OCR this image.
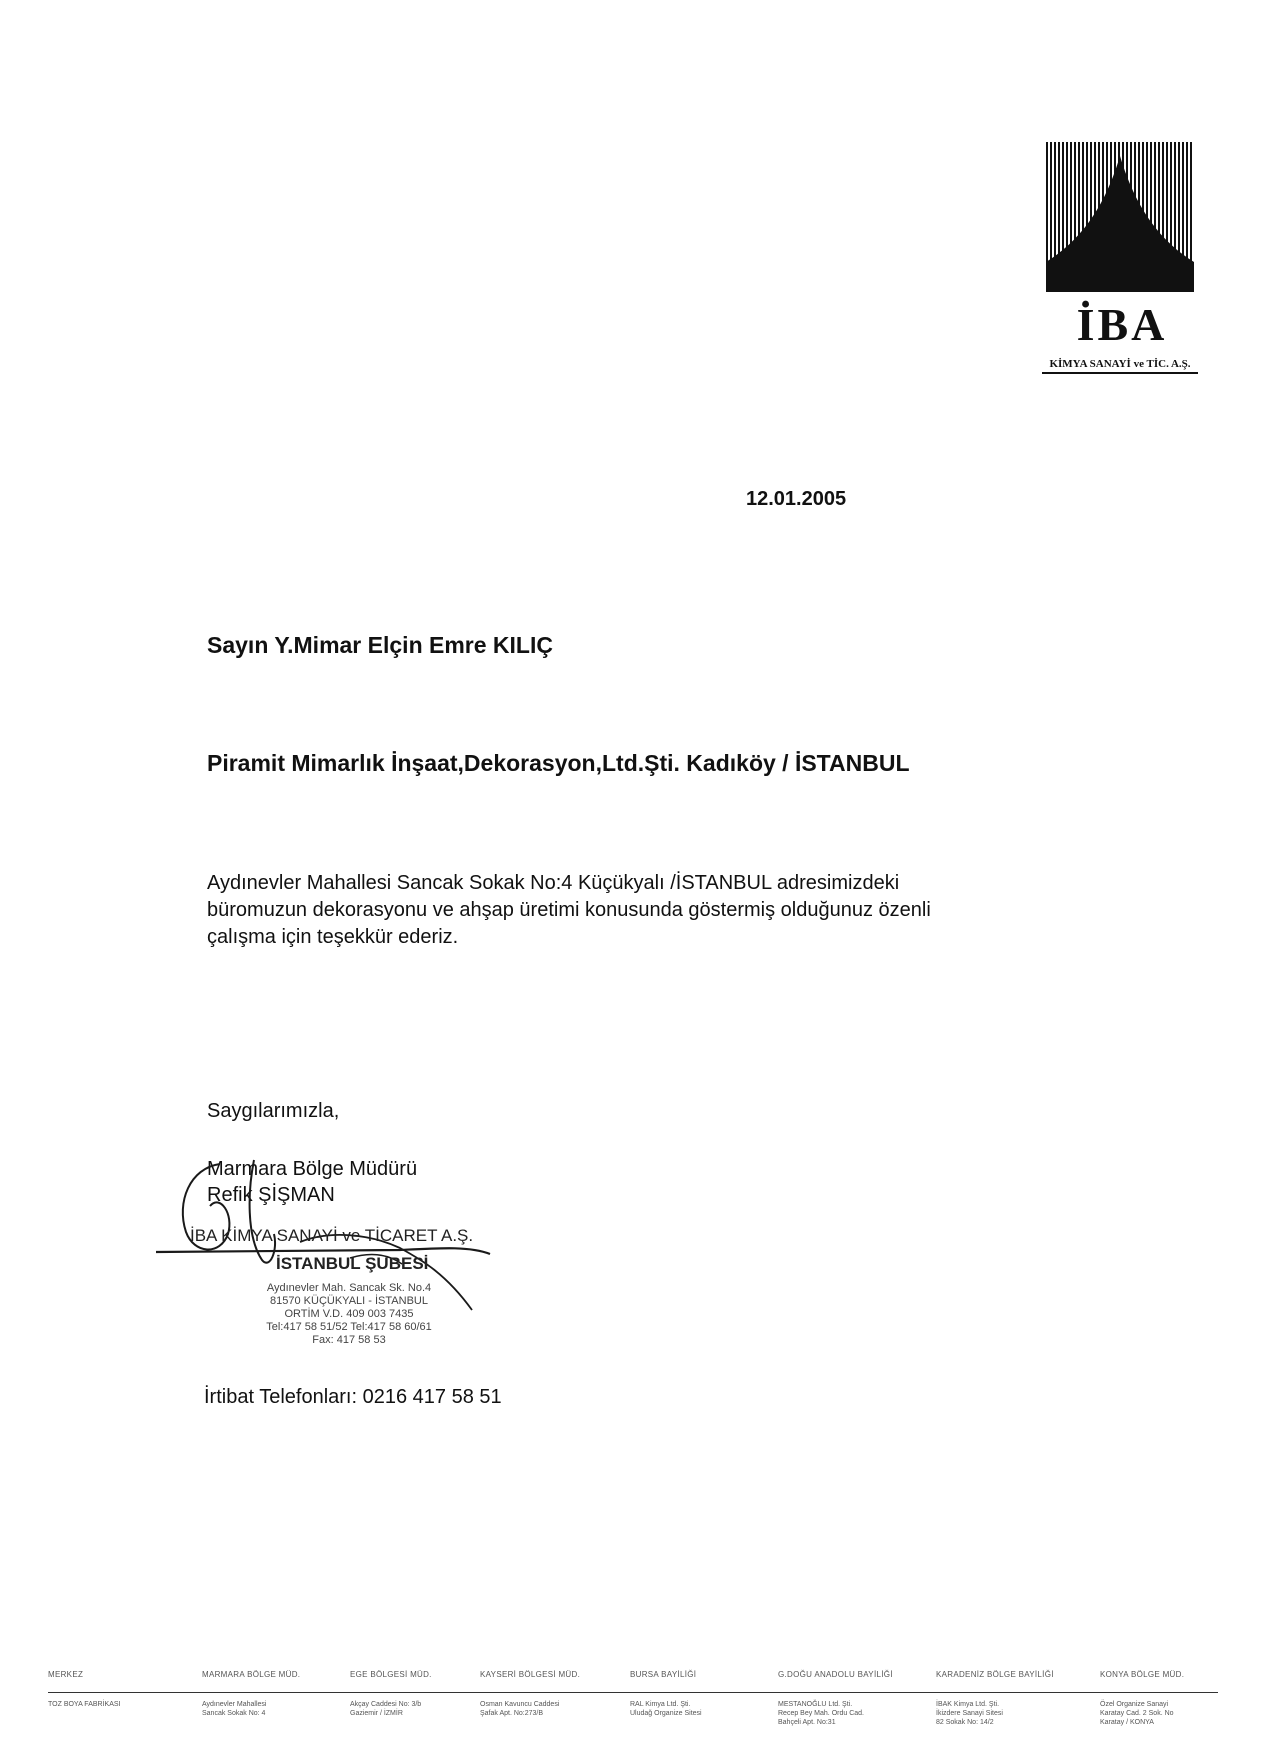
İBA
KİMYA SANAYİ ve TİC. A.Ş.
12.01.2005
Sayın Y.Mimar Elçin Emre KILIÇ
Piramit Mimarlık İnşaat,Dekorasyon,Ltd.Şti. Kadıköy / İSTANBUL
Aydınevler Mahallesi Sancak Sokak No:4 Küçükyalı /İSTANBUL adresimizdeki
büromuzun dekorasyonu ve ahşap üretimi konusunda göstermiş olduğunuz özenli
çalışma için teşekkür ederiz.
Saygılarımızla,
Marmara Bölge Müdürü
Refik ŞİŞMAN
İBA KİMYA SANAYİ ve TİCARET A.Ş.
İSTANBUL ŞUBESİ
Aydınevler Mah. Sancak Sk. No.4
81570 KÜÇÜKYALI - İSTANBUL
ORTİM V.D. 409 003 7435
Tel:417 58 51/52 Tel:417 58 60/61
Fax: 417 58 53
İrtibat Telefonları: 0216 417 58 51
MERKEZ
TOZ BOYA FABRİKASI
MARMARA BÖLGE MÜD.
Aydınevler Mahallesi
Sancak Sokak No: 4
EGE BÖLGESİ MÜD.
Akçay Caddesi No: 3/b
Gaziemir / İZMİR
KAYSERİ BÖLGESİ MÜD.
Osman Kavuncu Caddesi
Şafak Apt. No:273/B
BURSA BAYİLİĞİ
RAL Kimya Ltd. Şti.
Uludağ Organize Sitesi
G.DOĞU ANADOLU BAYİLİĞİ
MESTANOĞLU Ltd. Şti.
Recep Bey Mah. Ordu Cad.
Bahçeli Apt. No:31
KARADENİZ BÖLGE BAYİLİĞİ
İBAK Kimya Ltd. Şti.
İkizdere Sanayi Sitesi
82 Sokak No: 14/2
KONYA BÖLGE MÜD.
Özel Organize Sanayi
Karatay Cad. 2 Sok. No
Karatay / KONYA
